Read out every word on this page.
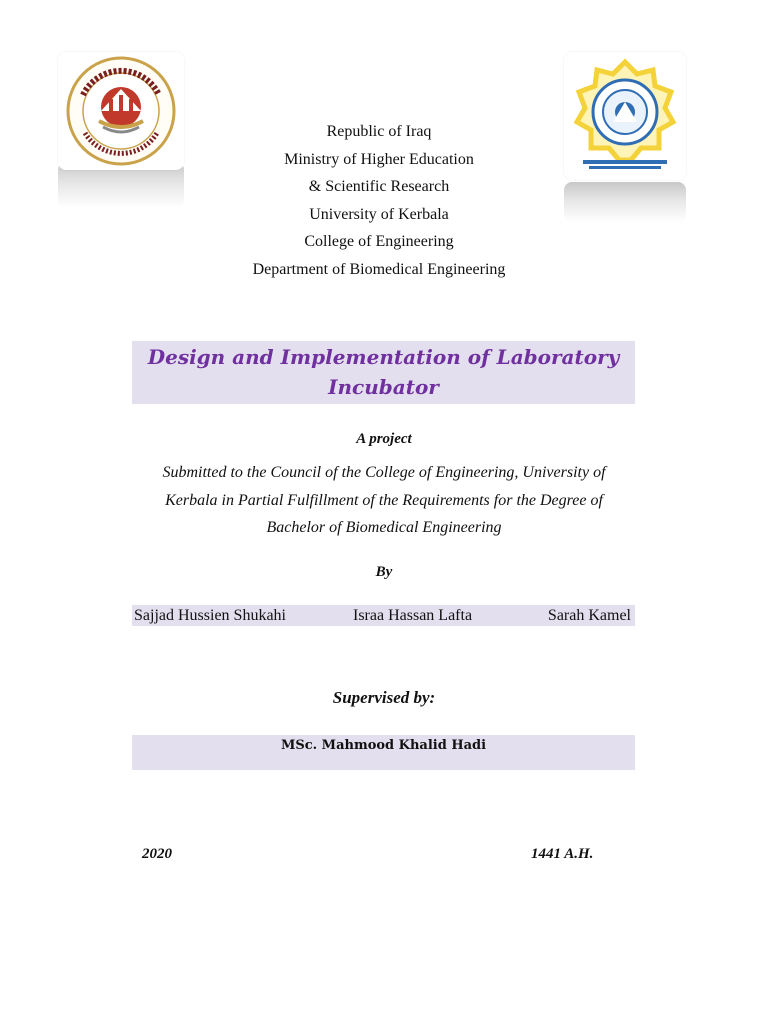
Republic of Iraq
Ministry of Higher Education
& Scientific Research
University of Kerbala
College of Engineering
Department of Biomedical Engineering
Design and Implementation of Laboratory
Incubator
A project
Submitted to the Council of the College of Engineering, University of
Kerbala in Partial Fulfillment of the Requirements for the Degree of
Bachelor of Biomedical Engineering
By
Sajjad Hussien Shukahi	Israa Hassan Lafta	Sarah Kamel
Supervised by:
MSc. Mahmood Khalid Hadi
2020	1441 A.H.
